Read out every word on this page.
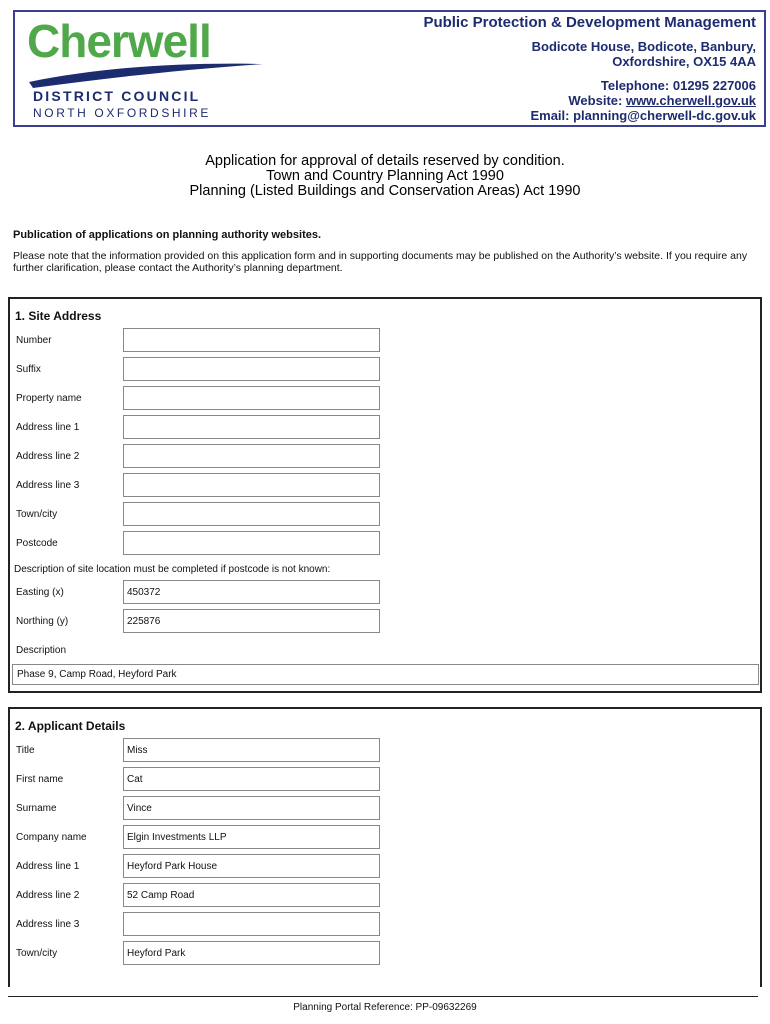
Cherwell
DISTRICT COUNCIL
NORTH OXFORDSHIRE
Public Protection & Development Management
Bodicote House, Bodicote, Banbury,
Oxfordshire, OX15 4AA
Telephone: 01295 227006
Website: www.cherwell.gov.uk
Email: planning@cherwell-dc.gov.uk
Application for approval of details reserved by condition.
Town and Country Planning Act 1990
Planning (Listed Buildings and Conservation Areas) Act 1990
Publication of applications on planning authority websites.
Please note that the information provided on this application form and in supporting documents may be published on the Authority’s website. If you require any further clarification, please contact the Authority’s planning department.
1. Site Address
Number
Suffix
Property name
Address line 1
Address line 2
Address line 3
Town/city
Postcode
Description of site location must be completed if postcode is not known:
Easting (x)	450372
Northing (y)	225876
Description
Phase 9, Camp Road, Heyford Park
2. Applicant Details
Title	Miss
First name	Cat
Surname	Vince
Company name	Elgin Investments LLP
Address line 1	Heyford Park House
Address line 2	52 Camp Road
Address line 3
Town/city	Heyford Park
Planning Portal Reference: PP-09632269
